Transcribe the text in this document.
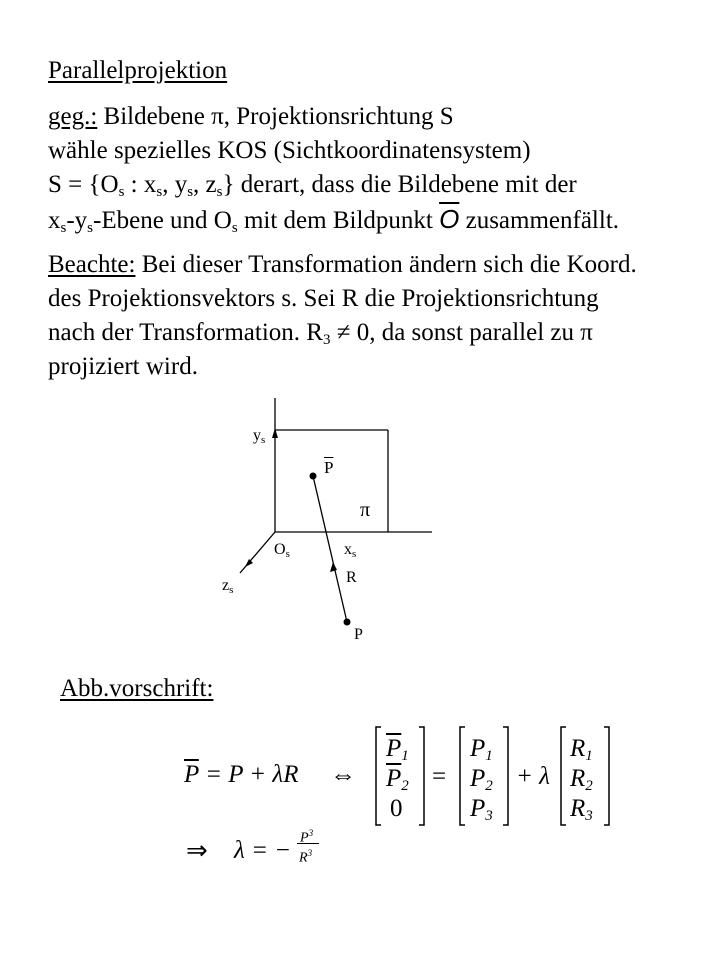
Parallelprojektion
geg.: Bildebene π, Projektionsrichtung S
wähle spezielles KOS (Sichtkoordinatensystem)
$S = \{O_s$ : $x_s$, $y_s$, $z_s$} derart, dass die Bildebene mit der
$x_s-y_s$-Ebene und $O_s$ mit dem Bildpunkt $\overline{O}$ zusammenfällt.
Beachte: Bei dieser Transformation ändern sich die Koord.
des Projektionsvektors s. Sei R die Projektionsrichtung
nach der Transformation. $R_3 \ne 0$, da sonst parallel zu π
projiziert wird.
$y_s$
$\overline{P}$
π
$O_s$	$x_s$
R
$z_s$
P
Abb.vorschrift:
$\overline{P} = P + \lambda R$ ⇔
$\overline{P}_1$
$\overline{P}_2$
0
=
$P_1$
$P_2$
$P_3$
+ λ
$R_1$
$R_2$
$R_3$
⇒ λ = − $P^3$
$R^3$
